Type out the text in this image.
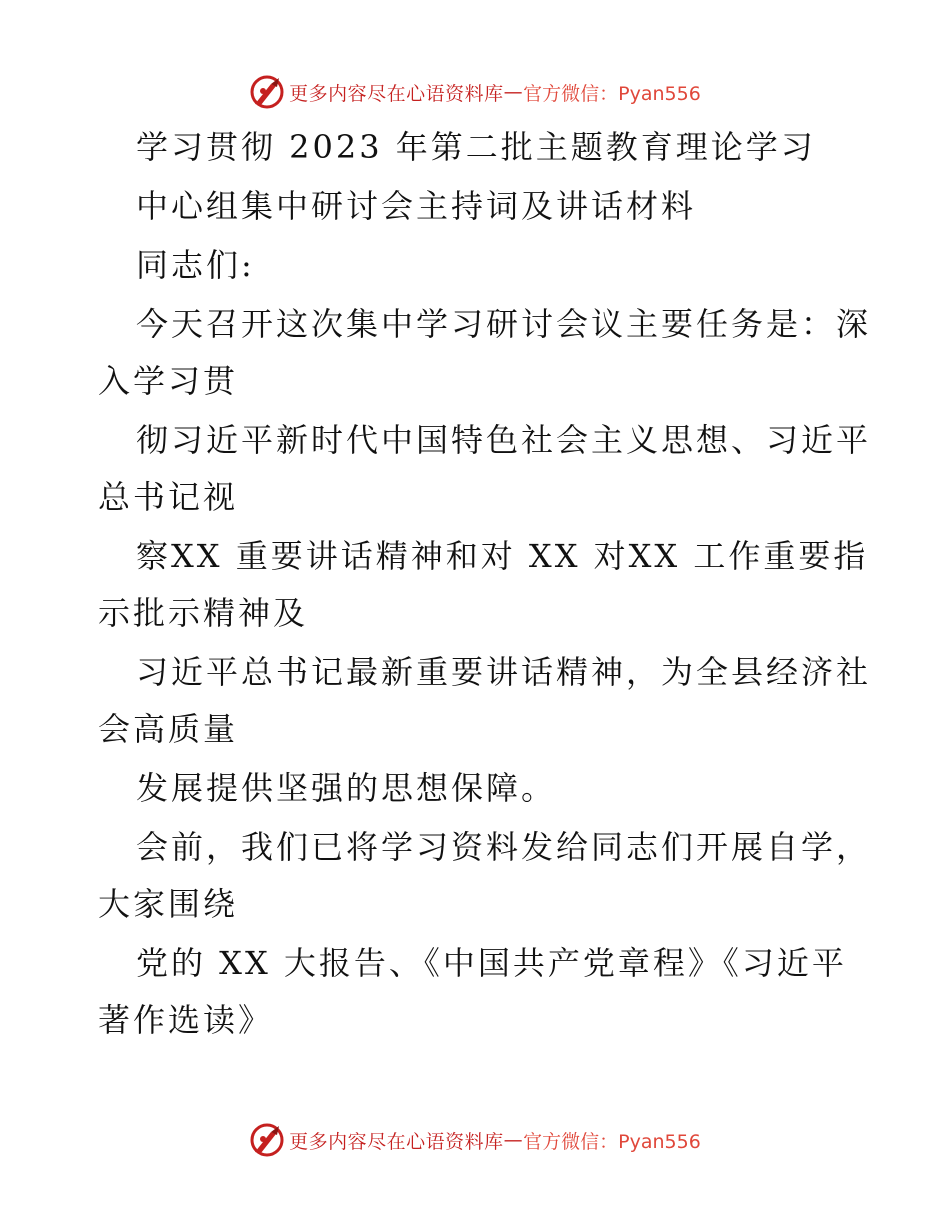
更多内容尽在心语资料库 — 官方微信：Pyan556
学习贯彻 2023 年第二批主题教育理论学习
中心组集中研讨会主持词及讲话材料
同志们:
今天召开这次集中学习研讨会议主要任务是：深
入学习贯
彻习近平新时代中国特色社会主义思想、习近平
总书记视
察XX 重要讲话精神和对 XX 对XX 工作重要指
示批示精神及
习近平总书记最新重要讲话精神，为全县经济社
会高质量
发展提供坚强的思想保障。
会前，我们已将学习资料发给同志们开展自学，
大家围绕
党的 XX 大报告、《中国共产党章程》《习近平
著作选读》
更多内容尽在心语资料库 — 官方微信：Pyan556
